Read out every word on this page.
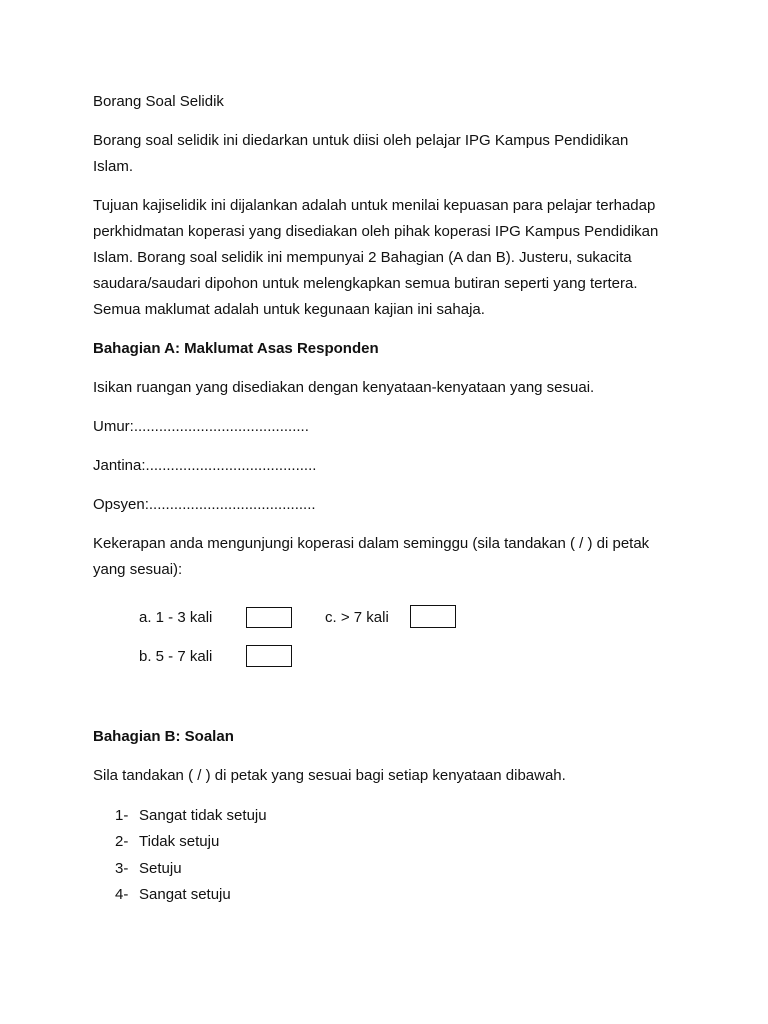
Borang Soal Selidik

Borang soal selidik ini diedarkan untuk diisi oleh pelajar IPG Kampus Pendidikan Islam.

Tujuan kajiselidik ini dijalankan adalah untuk menilai kepuasan para pelajar terhadap perkhidmatan koperasi yang disediakan oleh pihak koperasi IPG Kampus Pendidikan Islam. Borang soal selidik ini mempunyai 2 Bahagian (A dan B). Justeru, sukacita saudara/saudari dipohon untuk melengkapkan semua butiran seperti yang tertera. Semua maklumat adalah untuk kegunaan kajian ini sahaja.

Bahagian A: Maklumat Asas Responden

Isikan ruangan yang disediakan dengan kenyataan-kenyataan yang sesuai.

Umur:..........................................

Jantina:.........................................

Opsyen:........................................

Kekerapan anda mengunjungi koperasi dalam seminggu (sila tandakan ( / ) di petak yang sesuai):

a. 1 - 3 kali	c. > 7 kali
b. 5 - 7 kali

Bahagian B: Soalan

Sila tandakan ( / ) di petak yang sesuai bagi setiap kenyataan dibawah.

1- Sangat tidak setuju
2- Tidak setuju
3- Setuju
4- Sangat setuju
